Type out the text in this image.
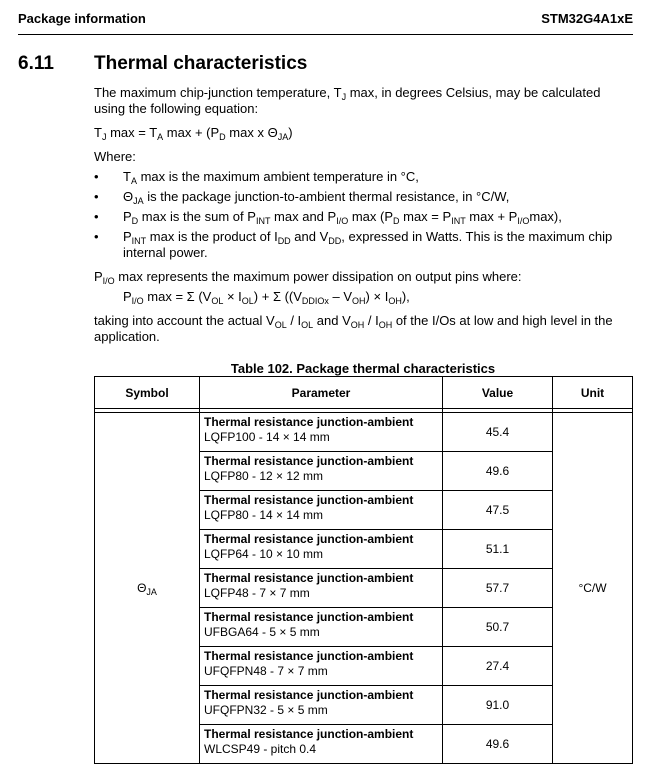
Package information	STM32G4A1xE
6.11 Thermal characteristics
The maximum chip-junction temperature, $T_J$ max, in degrees Celsius, may be calculated
using the following equation:
$T_J$ $\max = T_A$ $\max + (P_D$ max x $\Theta_{JA}$)
Where:
• $T_A$ max is the maximum ambient temperature in °C,
• $\Theta_{JA}$ is the package junction-to-ambient thermal resistance, in °C/W,
• $P_D$ max is the sum of $P_{INT}$ max and $P_{I/O}$ $\max (P_D$ $\max = P_{INT}$ $\max + P_{I/O}\max$),
• $P_{INT}$ max is the product of $I_{DD}$ and $V_{DD}$, expressed in Watts. This is the maximum chip
internal power.
$P_{I/O}$ max represents the maximum power dissipation on output pins where:
$P_{I/O}$ max = Σ $(V_{OL} \times I_{OL}) + \Sigma$ $((V_{DDIOx} - V_{OH}) \times I_{OH})$,
taking into account the actual $V_{OL} / I_{OL}$ and $V_{OH} / I_{OH}$ of the I/Os at low and high level in the
application.
Table 102. Package thermal characteristics
Symbol	Parameter	Value	Unit

$\Theta_{JA}$	Thermal resistance junction-ambient
LQFP100 - 14 × 14 mm	45.4	°C/W

	Thermal resistance junction-ambient
LQFP80 - 12 × 12 mm	49.6	

	Thermal resistance junction-ambient
LQFP80 - 14 × 14 mm	47.5	

	Thermal resistance junction-ambient
LQFP64 - 10 × 10 mm	51.1	

	Thermal resistance junction-ambient
LQFP48 - 7 × 7 mm	57.7	

	Thermal resistance junction-ambient
UFBGA64 - 5 × 5 mm	50.7	

	Thermal resistance junction-ambient
UFQFPN48 - 7 × 7 mm	27.4	

	Thermal resistance junction-ambient
UFQFPN32 - 5 × 5 mm	91.0	

	Thermal resistance junction-ambient
WLCSP49 - pitch 0.4	49.6	
